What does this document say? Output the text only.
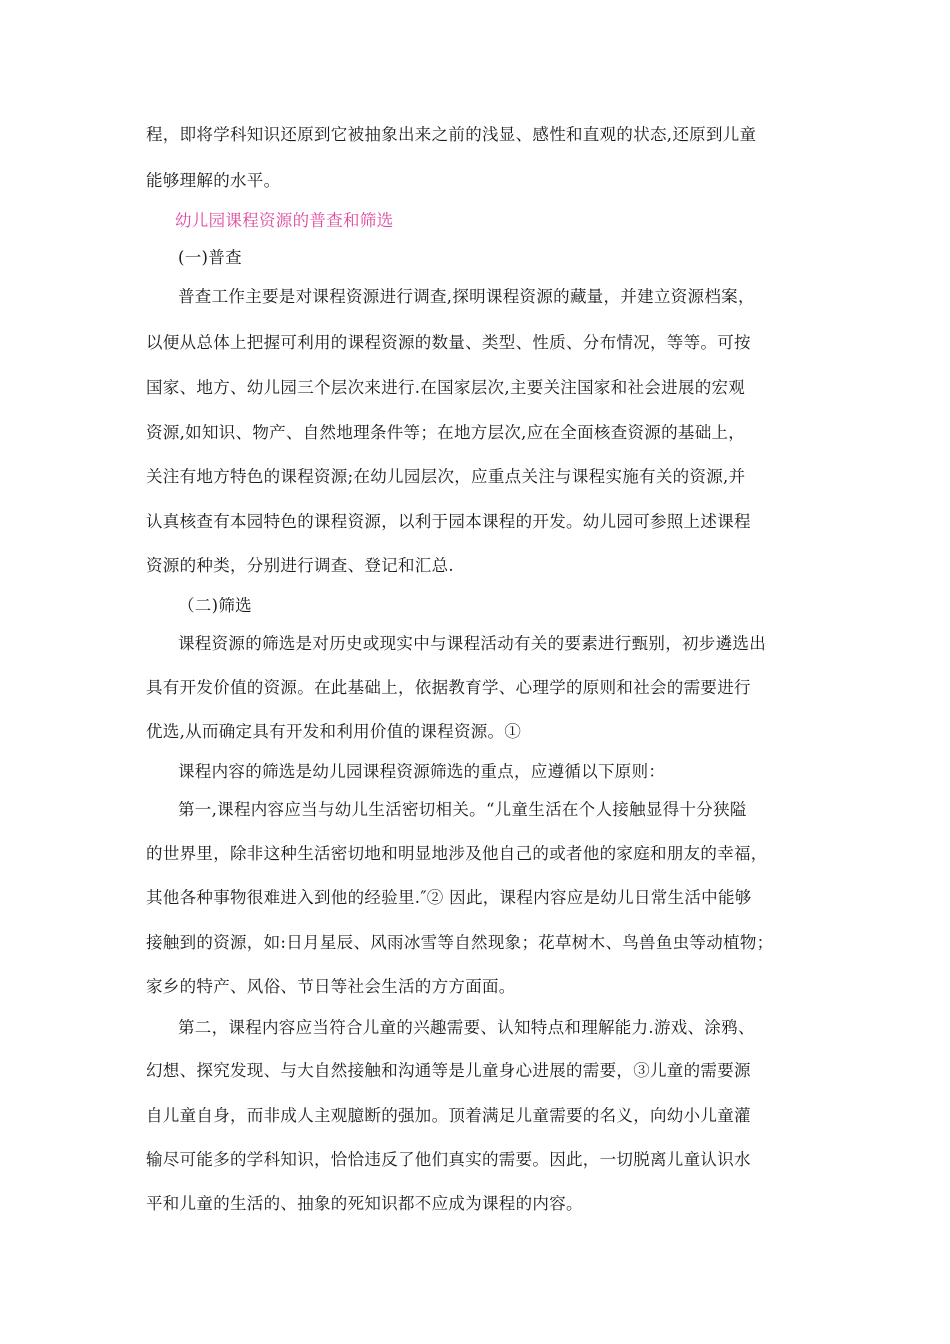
程，即将学科知识还原到它被抽象出来之前的浅显、感性和直观的状态,还原到儿童
能够理解的水平。
幼儿园课程资源的普查和筛选
(一)普查
普查工作主要是对课程资源进行调查,探明课程资源的藏量，并建立资源档案，
以便从总体上把握可利用的课程资源的数量、类型、性质、分布情况，等等。可按
国家、地方、幼儿园三个层次来进行.在国家层次,主要关注国家和社会进展的宏观
资源,如知识、物产、自然地理条件等；在地方层次,应在全面核查资源的基础上，
关注有地方特色的课程资源;在幼儿园层次，应重点关注与课程实施有关的资源,并
认真核查有本园特色的课程资源，以利于园本课程的开发。幼儿园可参照上述课程
资源的种类，分别进行调查、登记和汇总.
（二)筛选
课程资源的筛选是对历史或现实中与课程活动有关的要素进行甄别，初步遴选出
具有开发价值的资源。在此基础上，依据教育学、心理学的原则和社会的需要进行
优选,从而确定具有开发和利用价值的课程资源。①
课程内容的筛选是幼儿园课程资源筛选的重点，应遵循以下原则：
第一,课程内容应当与幼儿生活密切相关。“儿童生活在个人接触显得十分狭隘
的世界里，除非这种生活密切地和明显地涉及他自己的或者他的家庭和朋友的幸福，
其他各种事物很难进入到他的经验里.″② 因此，课程内容应是幼儿日常生活中能够
接触到的资源，如:日月星辰、风雨冰雪等自然现象；花草树木、鸟兽鱼虫等动植物；
家乡的特产、风俗、节日等社会生活的方方面面。
第二，课程内容应当符合儿童的兴趣需要、认知特点和理解能力.游戏、涂鸦、
幻想、探究发现、与大自然接触和沟通等是儿童身心进展的需要，③儿童的需要源
自儿童自身，而非成人主观臆断的强加。顶着满足儿童需要的名义，向幼小儿童灌
输尽可能多的学科知识，恰恰违反了他们真实的需要。因此，一切脱离儿童认识水
平和儿童的生活的、抽象的死知识都不应成为课程的内容。
